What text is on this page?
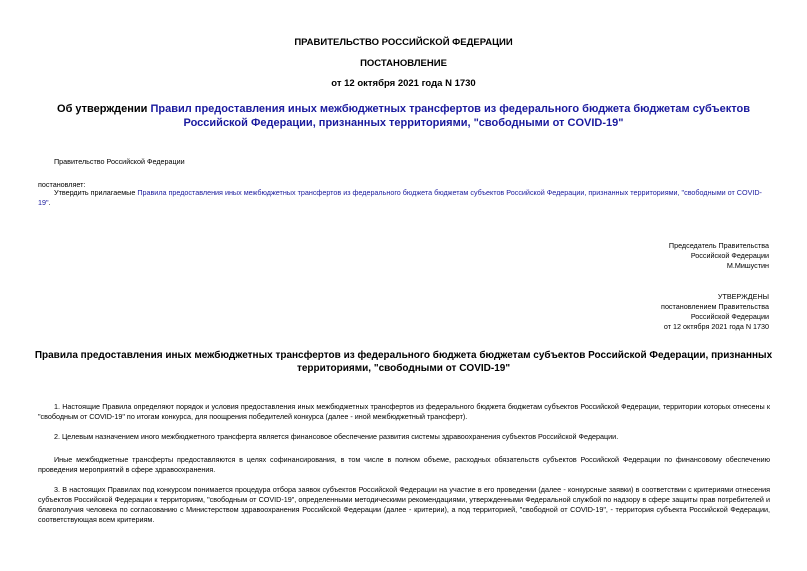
ПРАВИТЕЛЬСТВО РОССИЙСКОЙ ФЕДЕРАЦИИ
ПОСТАНОВЛЕНИЕ
от 12 октября 2021 года N 1730
Об утверждении Правил предоставления иных межбюджетных трансфертов из федерального бюджета бюджетам субъектов Российской Федерации, признанных территориями, "свободными от COVID-19"
Правительство Российской Федерации
постановляет:
Утвердить прилагаемые Правила предоставления иных межбюджетных трансфертов из федерального бюджета бюджетам субъектов Российской Федерации, признанных территориями, "свободными от COVID-19".
Председатель Правительства
Российской Федерации
М.Мишустин
УТВЕРЖДЕНЫ
постановлением Правительства
Российской Федерации
от 12 октября 2021 года N 1730
Правила предоставления иных межбюджетных трансфертов из федерального бюджета бюджетам субъектов Российской Федерации, признанных территориями, "свободными от COVID-19"
1. Настоящие Правила определяют порядок и условия предоставления иных межбюджетных трансфертов из федерального бюджета бюджетам субъектов Российской Федерации, территории которых отнесены к "свободным от COVID-19" по итогам конкурса, для поощрения победителей конкурса (далее - иной межбюджетный трансферт).
2. Целевым назначением иного межбюджетного трансферта является финансовое обеспечение развития системы здравоохранения субъектов Российской Федерации.
Иные межбюджетные трансферты предоставляются в целях софинансирования, в том числе в полном объеме, расходных обязательств субъектов Российской Федерации по финансовому обеспечению проведения мероприятий в сфере здравоохранения.
3. В настоящих Правилах под конкурсом понимается процедура отбора заявок субъектов Российской Федерации на участие в его проведении (далее - конкурсные заявки) в соответствии с критериями отнесения субъектов Российской Федерации к территориям, "свободным от COVID-19", определенными методическими рекомендациями, утвержденными Федеральной службой по надзору в сфере защиты прав потребителей и благополучия человека по согласованию с Министерством здравоохранения Российской Федерации (далее - критерии), а под территорией, "свободной от COVID-19", - территория субъекта Российской Федерации, соответствующая всем критериям.
